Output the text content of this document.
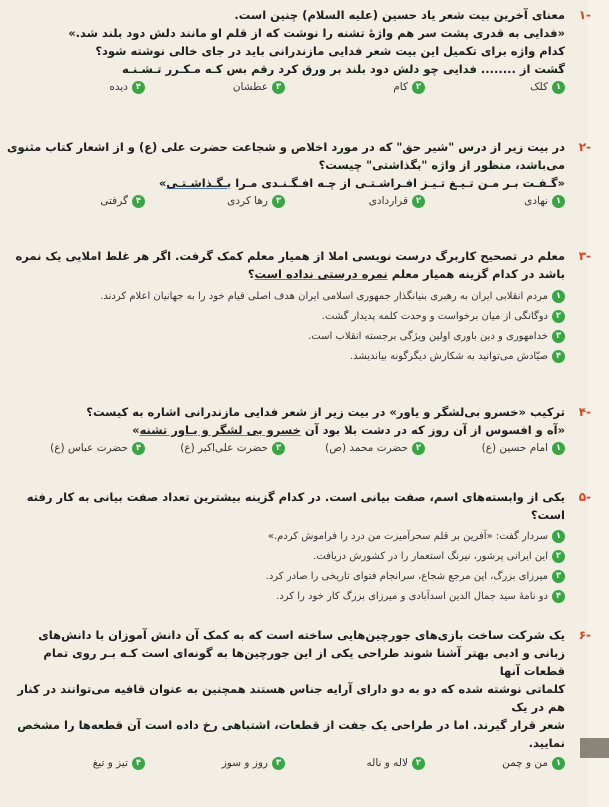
-۱

معنای آخرین بیت شعر یاد حسین (علیه السلام) چنین است.

«فدایی به قدری پشت سر هم واژهٔ تشنه را نوشت که از قلم او مانند دلش دود بلند شد.»

کدام واژه برای تکمیل این بیت شعر فدایی مازندرانی باید در جای خالی نوشته شود؟

گشت از ........ فدایی چو دلش دود بلند بر ورق کرد رقم بس کـه مـکـرر تـشـنـه

۱
کلک
۲
کام
۳
عطشان
۴
دیده
-۲

در بیت زیر از درس "شیر حق" که در مورد اخلاص و شجاعت حضرت علی (ع) و از اشعار کتاب مثنوی

می‌باشد، منظور از واژه "بگذاشتی" چیست؟

«گـفـت بـر مـن تـیـغ تـیـز افـراشـتـی از چـه افـگـنـدی مـرا بـگـذاشـتـی»

۱
نهادی
۲
قراردادی
۳
رها کردی
۴
گرفتی
-۳

معلم در تصحیح کاربرگ درست نویسی املا از همیار معلم کمک گرفت. اگر هر غلط املایی یک نمره

باشد در کدام گزینه همیار معلم نمره درستی نداده است؟

۱
مردم انقلابی ایران به رهبری بنیانگذار جمهوری اسلامی ایران هدف اصلی قیام خود را به جهانیان اعلام کردند.
۲
دوگانگی از میان برخواست و وحدت کلمه پدیدار گشت.
۳
خدامهوری و دین باوری اولین ویژگی برجسته انقلاب است.
۴
صیّادش می‌توانید به شکارش دیگرگونه بیاندیشد.
-۴

ترکیب «خسرو بی‌لشگر و یاور» در بیت زیر از شعر فدایی مازندرانی اشاره به کیست؟

«آه و افسوس از آن روز که در دشت بلا بود آن خسرو بی لشگر و یـاور تشنه»

۱
امام حسین (ع)
۲
حضرت محمد (ص)
۳
حضرت علی‌اکبر (ع)
۴
حضرت عباس (ع)
-۵

یکی از وابسته‌های اسم، صفت بیانی است. در کدام گزینه بیشترین تعداد صفت بیانی به کار رفته است؟

۱
سردار گفت: «آفرین بر قلم سحرآمیزت من درد را فراموش کردم.»
۲
این ایرانی پرشور، نیرنگ استعمار را در کشورش دریافت.
۳
میرزای بزرگ، این مرجع شجاع، سرانجام فتوای تاریخی را صادر کرد.
۴
دو نامهٔ سید جمال الدین اسدآبادی و میرزای بزرگ کار خود را کرد.
-۶

یک شرکت ساخت بازی‌های جورچین‌هایی ساخته است که به کمک آن دانش آموزان با دانش‌های

زبانی و ادبی بهتر آشنا شوند طراحی یکی از این جورچین‌ها به گونه‌ای است کـه بـر روی تمام قطعات آنها

کلماتی نوشته شده که دو به دو دارای آرایه جناس هستند همچنین به عنوان قافیه می‌توانند در کنار هم در یک

شعر قرار گیرند. اما در طراحی یک جفت از قطعات، اشتباهی رخ داده است آن قطعه‌ها را مشخص نمایید.

۱
من و چمن
۲
لاله و ناله
۳
روز و سوز
۴
تیز و تیغ
